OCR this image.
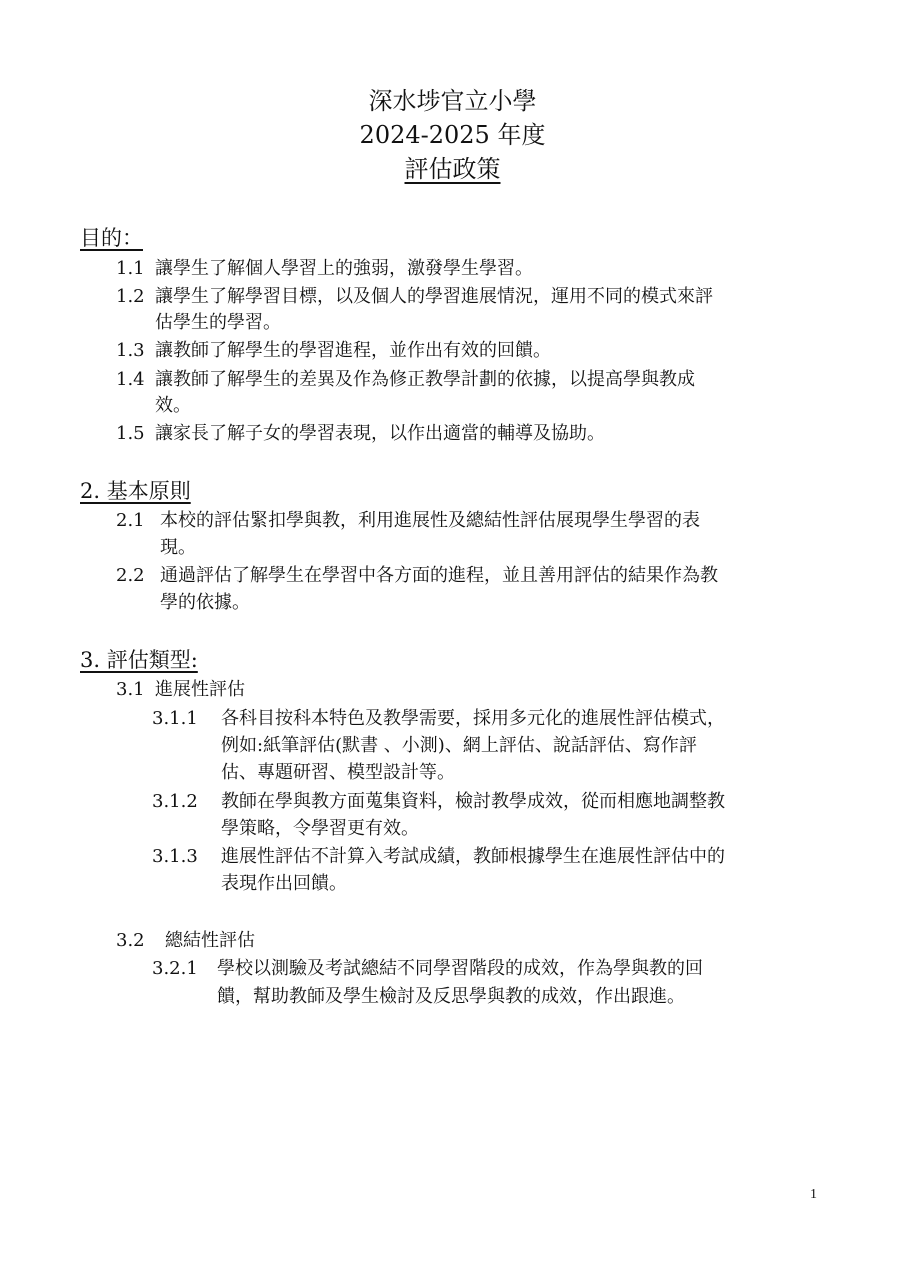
深水埗官立小學
2024-2025 年度
評估政策
目的：
1.1 讓學生了解個人學習上的強弱，激發學生學習。
1.2 讓學生了解學習目標，以及個人的學習進展情況，運用不同的模式來評
估學生的學習。
1.3 讓教師了解學生的學習進程，並作出有效的回饋。
1.4 讓教師了解學生的差異及作為修正教學計劃的依據，以提高學與教成
效。
1.5 讓家長了解子女的學習表現，以作出適當的輔導及協助。
2. 基本原則
2.1 本校的評估緊扣學與教，利用進展性及總結性評估展現學生學習的表
現。
2.2 通過評估了解學生在學習中各方面的進程，並且善用評估的結果作為教
學的依據。
3. 評估類型:
3.1 進展性評估
3.1.1 各科目按科本特色及教學需要，採用多元化的進展性評估模式，
例如:紙筆評估(默書 、小測)、網上評估、說話評估、寫作評
估、專題研習、模型設計等。
3.1.2 教師在學與教方面蒐集資料，檢討教學成效，從而相應地調整教
學策略，令學習更有效。
3.1.3 進展性評估不計算入考試成績，教師根據學生在進展性評估中的
表現作出回饋。
3.2 總結性評估
3.2.1 學校以測驗及考試總結不同學習階段的成效，作為學與教的回
饋，幫助教師及學生檢討及反思學與教的成效，作出跟進。
1
